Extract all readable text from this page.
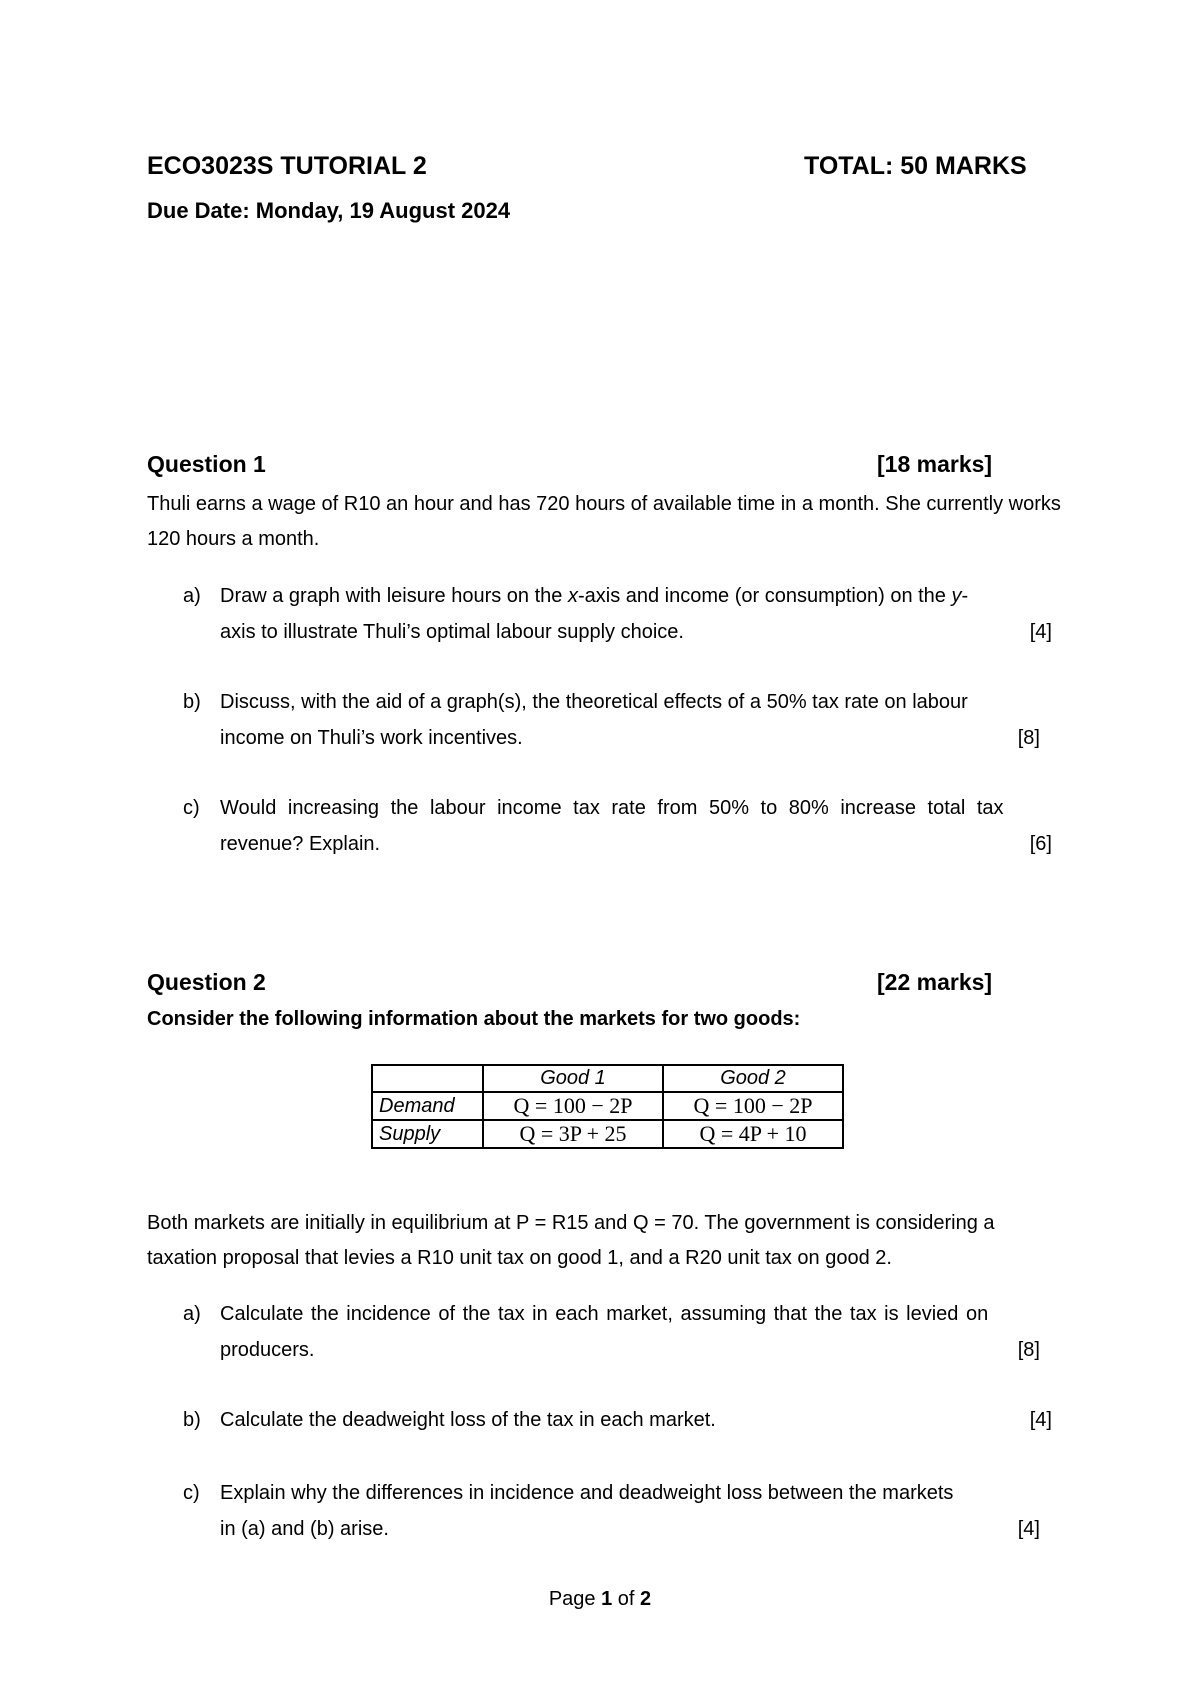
ECO3023S TUTORIAL 2	TOTAL: 50 MARKS
Due Date: Monday, 19 August 2024
Question 1	[18 marks]
Thuli earns a wage of R10 an hour and has 720 hours of available time in a month. She currently works
120 hours a month.
a) Draw a graph with leisure hours on the x-axis and income (or consumption) on the y-
axis to illustrate Thuli’s optimal labour supply choice.	[4]
b) Discuss, with the aid of a graph(s), the theoretical effects of a 50% tax rate on labour
income on Thuli’s work incentives.	[8]
c) Would increasing the labour income tax rate from 50% to 80% increase total tax
revenue? Explain.	[6]
Question 2	[22 marks]
Consider the following information about the markets for two goods:
	Good 1	Good 2
Demand	Q = 100 − 2P	Q = 100 − 2P
Supply	Q = 3P + 25	Q = 4P + 10
Both markets are initially in equilibrium at P = R15 and Q = 70. The government is considering a
taxation proposal that levies a R10 unit tax on good 1, and a R20 unit tax on good 2.
a) Calculate the incidence of the tax in each market, assuming that the tax is levied on
producers.	[8]
b) Calculate the deadweight loss of the tax in each market.	[4]
c) Explain why the differences in incidence and deadweight loss between the markets
in (a) and (b) arise.	[4]
Page 1 of 2
